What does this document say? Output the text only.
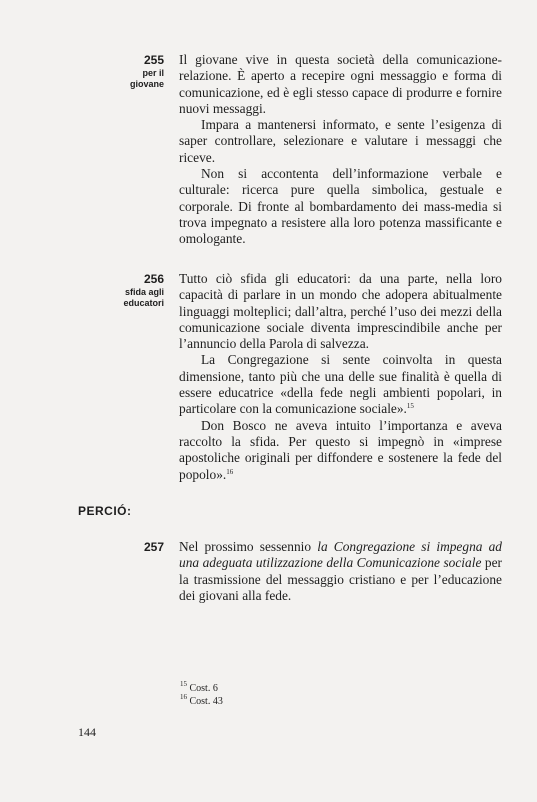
255
per il
giovane

Il giovane vive in questa società della comunicazione-relazione. È aperto a recepire ogni messaggio e forma di comunicazione, ed è egli stesso capace di produrre e fornire nuovi messaggi.

Impara a mantenersi informato, e sente l’esigenza di saper controllare, selezionare e valutare i messaggi che riceve.

Non si accontenta dell’informazione verbale e culturale: ricerca pure quella simbolica, gestuale e corporale. Di fronte al bombardamento dei mass-media si trova impegnato a resistere alla loro potenza massificante e omologante.

256
sfida agli
educatori

Tutto ciò sfida gli educatori: da una parte, nella loro capacità di parlare in un mondo che adopera abitualmente linguaggi molteplici; dall’altra, perché l’uso dei mezzi della comunicazione sociale diventa imprescindibile anche per l’annuncio della Parola di salvezza.

La Congregazione si sente coinvolta in questa dimensione, tanto più che una delle sue finalità è quella di essere educatrice «della fede negli ambienti popolari, in particolare con la comunicazione sociale».$^{15}$

Don Bosco ne aveva intuito l’importanza e aveva raccolto la sfida. Per questo si impegnò in «imprese apostoliche originali per diffondere e sostenere la fede del popolo».$^{16}$

PERCIÓ:
257 Nel prossimo sessennio la Congregazione si impegna ad una adeguata utilizzazione della Comunicazione sociale per la trasmissione del messaggio cristiano e per l’educazione dei giovani alla fede.

$^{15}$ Cost. 6
$^{16}$ Cost. 43
144
